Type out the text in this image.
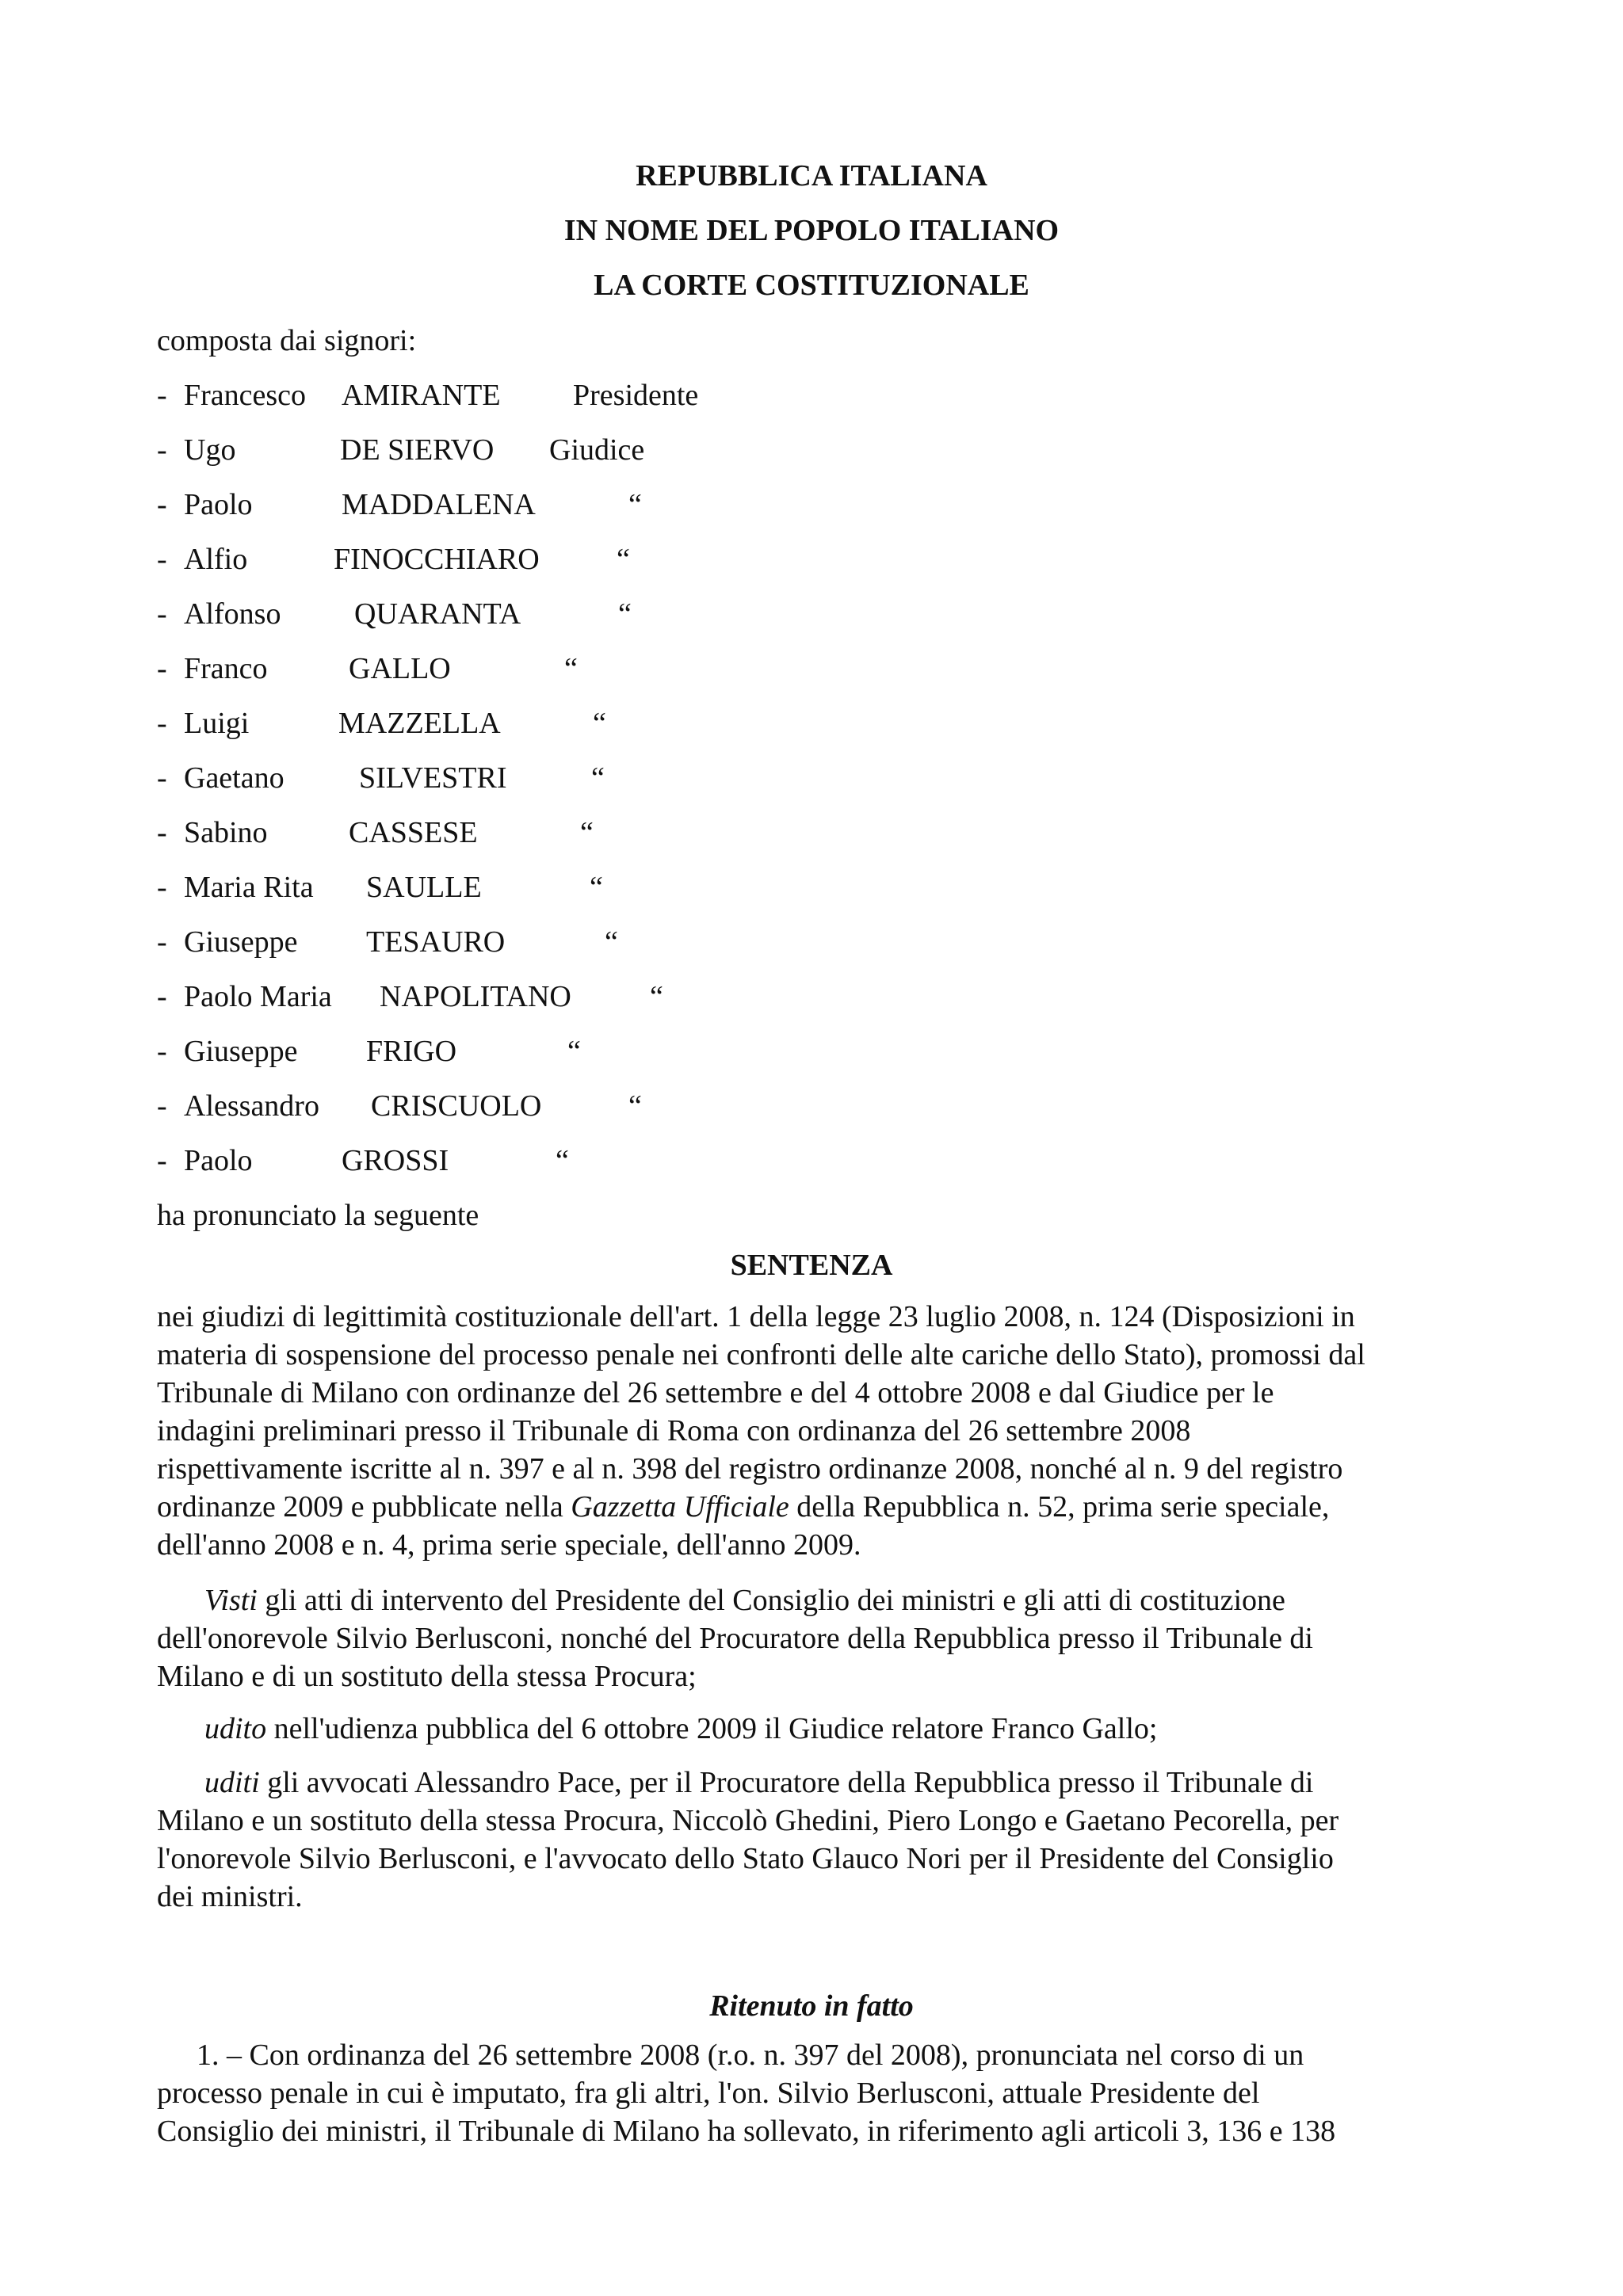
REPUBBLICA ITALIANA
IN NOME DEL POPOLO ITALIANO
LA CORTE COSTITUZIONALE
composta dai signori:
- Francesco AMIRANTE Presidente
- Ugo	DE SIERVO Giudice
- Paolo	MADDALENA	“
- Alfio	FINOCCHIARO	“
- Alfonso QUARANTA	“
- Franco	GALLO	“
- Luigi	MAZZELLA	“
- Gaetano SILVESTRI	“
- Sabino	CASSESE	“
- Maria Rita SAULLE	“
- Giuseppe TESAURO	“
- Paolo Maria NAPOLITANO	“
- Giuseppe FRIGO	“
- Alessandro CRISCUOLO	“
- Paolo	GROSSI	“
ha pronunciato la seguente
SENTENZA
nei giudizi di legittimità costituzionale dell'art. 1 della legge 23 luglio 2008, n. 124 (Disposizioni in
materia di sospensione del processo penale nei confronti delle alte cariche dello Stato), promossi dal
Tribunale di Milano con ordinanze del 26 settembre e del 4 ottobre 2008 e dal Giudice per le
indagini preliminari presso il Tribunale di Roma con ordinanza del 26 settembre 2008
rispettivamente iscritte al n. 397 e al n. 398 del registro ordinanze 2008, nonché al n. 9 del registro
ordinanze 2009 e pubblicate nella Gazzetta Ufficiale della Repubblica n. 52, prima serie speciale,
dell'anno 2008 e n. 4, prima serie speciale, dell'anno 2009.
Visti gli atti di intervento del Presidente del Consiglio dei ministri e gli atti di costituzione
dell'onorevole Silvio Berlusconi, nonché del Procuratore della Repubblica presso il Tribunale di
Milano e di un sostituto della stessa Procura;
udito nell'udienza pubblica del 6 ottobre 2009 il Giudice relatore Franco Gallo;
uditi gli avvocati Alessandro Pace, per il Procuratore della Repubblica presso il Tribunale di
Milano e un sostituto della stessa Procura, Niccolò Ghedini, Piero Longo e Gaetano Pecorella, per
l'onorevole Silvio Berlusconi, e l'avvocato dello Stato Glauco Nori per il Presidente del Consiglio
dei ministri.
Ritenuto in fatto
1. – Con ordinanza del 26 settembre 2008 (r.o. n. 397 del 2008), pronunciata nel corso di un
processo penale in cui è imputato, fra gli altri, l'on. Silvio Berlusconi, attuale Presidente del
Consiglio dei ministri, il Tribunale di Milano ha sollevato, in riferimento agli articoli 3, 136 e 138
